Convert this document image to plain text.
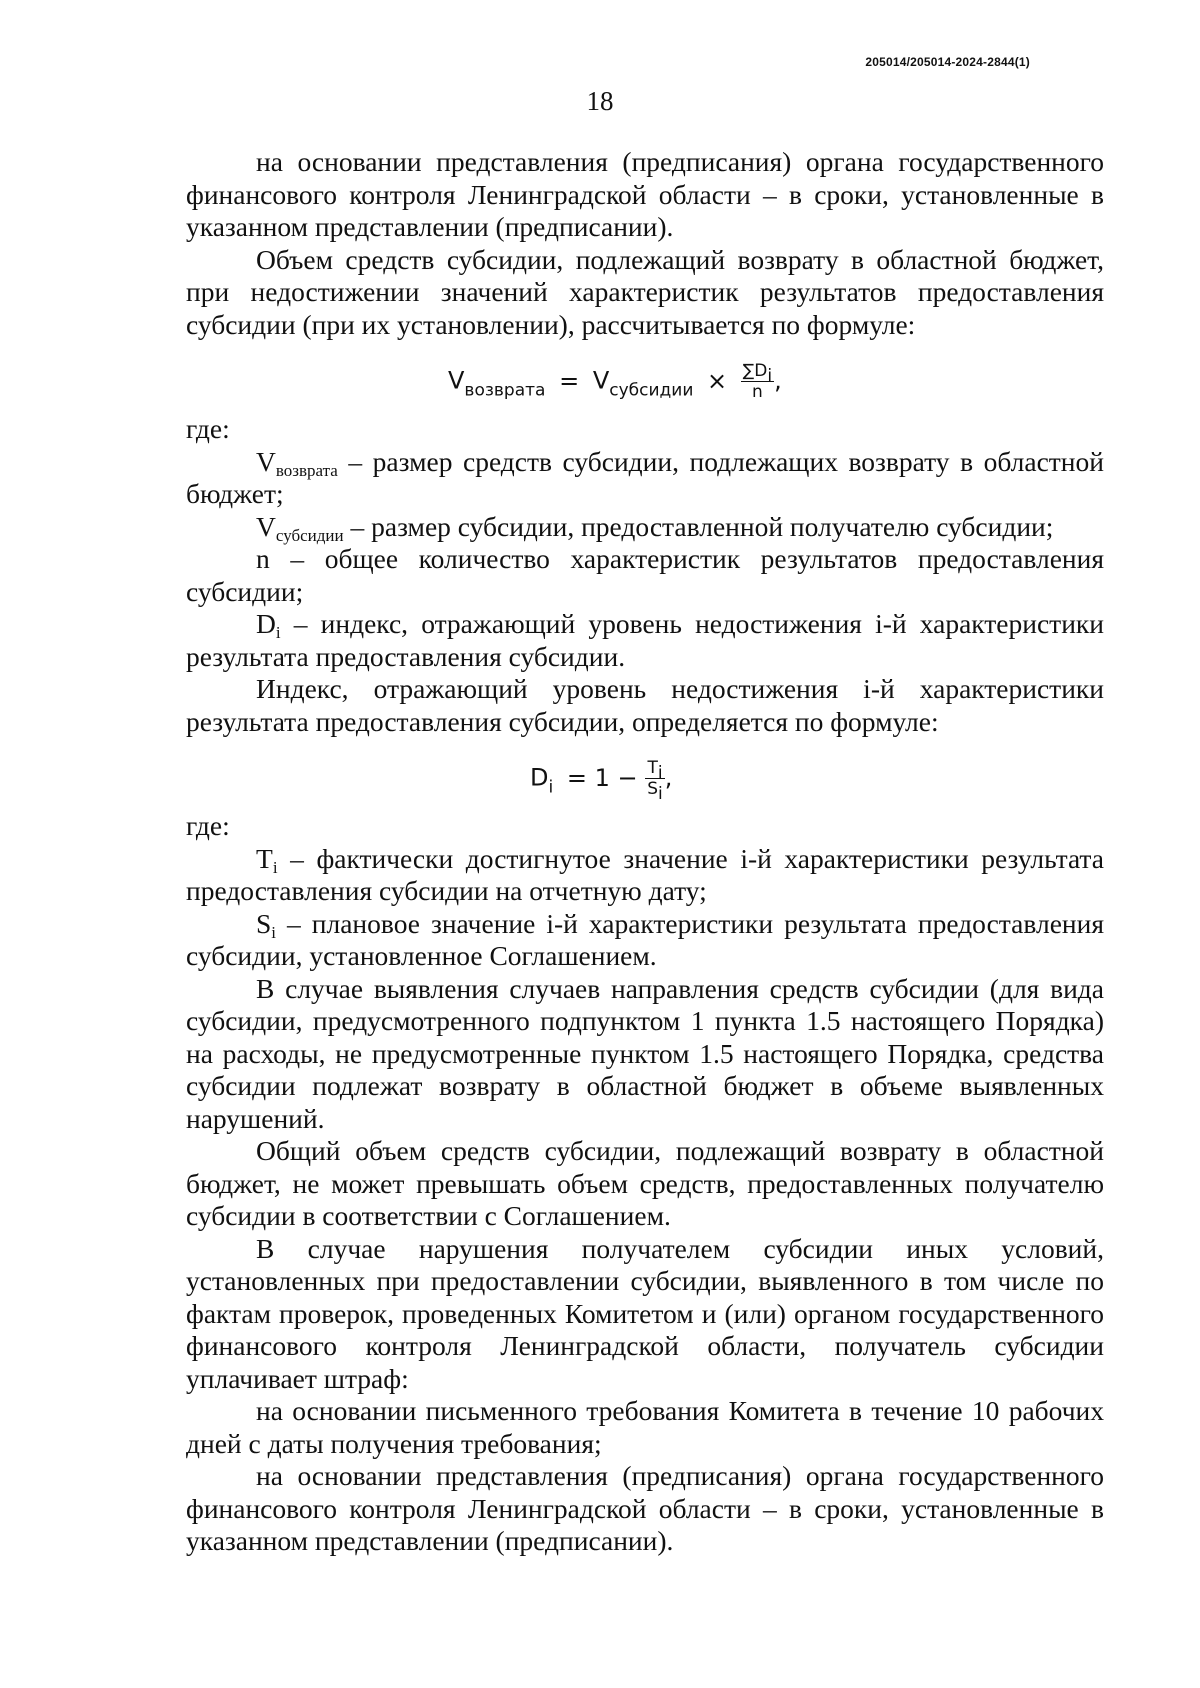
205014/205014-2024-2844(1)
18

на основании представления (предписания) органа государственного финансового контроля Ленинградской области – в сроки, установленные в указанном представлении (предписании).

Объем средств субсидии, подлежащий возврату в областной бюджет, при недостижении значений характеристик результатов предоставления субсидии (при их установлении), рассчитывается по формуле:

$V_{возврата} = V_{субсидии} \times \frac{\sum D_i}{n}$ ,

где:

$V_{возврата}$ – размер средств субсидии, подлежащих возврату в областной бюджет;

$V_{субсидии}$ – размер субсидии, предоставленной получателю субсидии;

n – общее количество характеристик результатов предоставления субсидии;

$D_i$ – индекс, отражающий уровень недостижения i-й характеристики результата предоставления субсидии.

Индекс, отражающий уровень недостижения i-й характеристики результата предоставления субсидии, определяется по формуле:

$D_i = 1 - \frac{T_i}{S_i}$ ,

где:

$T_i$ – фактически достигнутое значение i-й характеристики результата предоставления субсидии на отчетную дату;

$S_i$ – плановое значение i-й характеристики результата предоставления субсидии, установленное Соглашением.

В случае выявления случаев направления средств субсидии (для вида субсидии, предусмотренного подпунктом 1 пункта 1.5 настоящего Порядка) на расходы, не предусмотренные пунктом 1.5 настоящего Порядка, средства субсидии подлежат возврату в областной бюджет в объеме выявленных нарушений.

Общий объем средств субсидии, подлежащий возврату в областной бюджет, не может превышать объем средств, предоставленных получателю субсидии в соответствии с Соглашением.

В случае нарушения получателем субсидии иных условий, установленных при предоставлении субсидии, выявленного в том числе по фактам проверок, проведенных Комитетом и (или) органом государственного финансового контроля Ленинградской области, получатель субсидии уплачивает штраф:

на основании письменного требования Комитета в течение 10 рабочих дней с даты получения требования;

на основании представления (предписания) органа государственного финансового контроля Ленинградской области – в сроки, установленные в указанном представлении (предписании).
